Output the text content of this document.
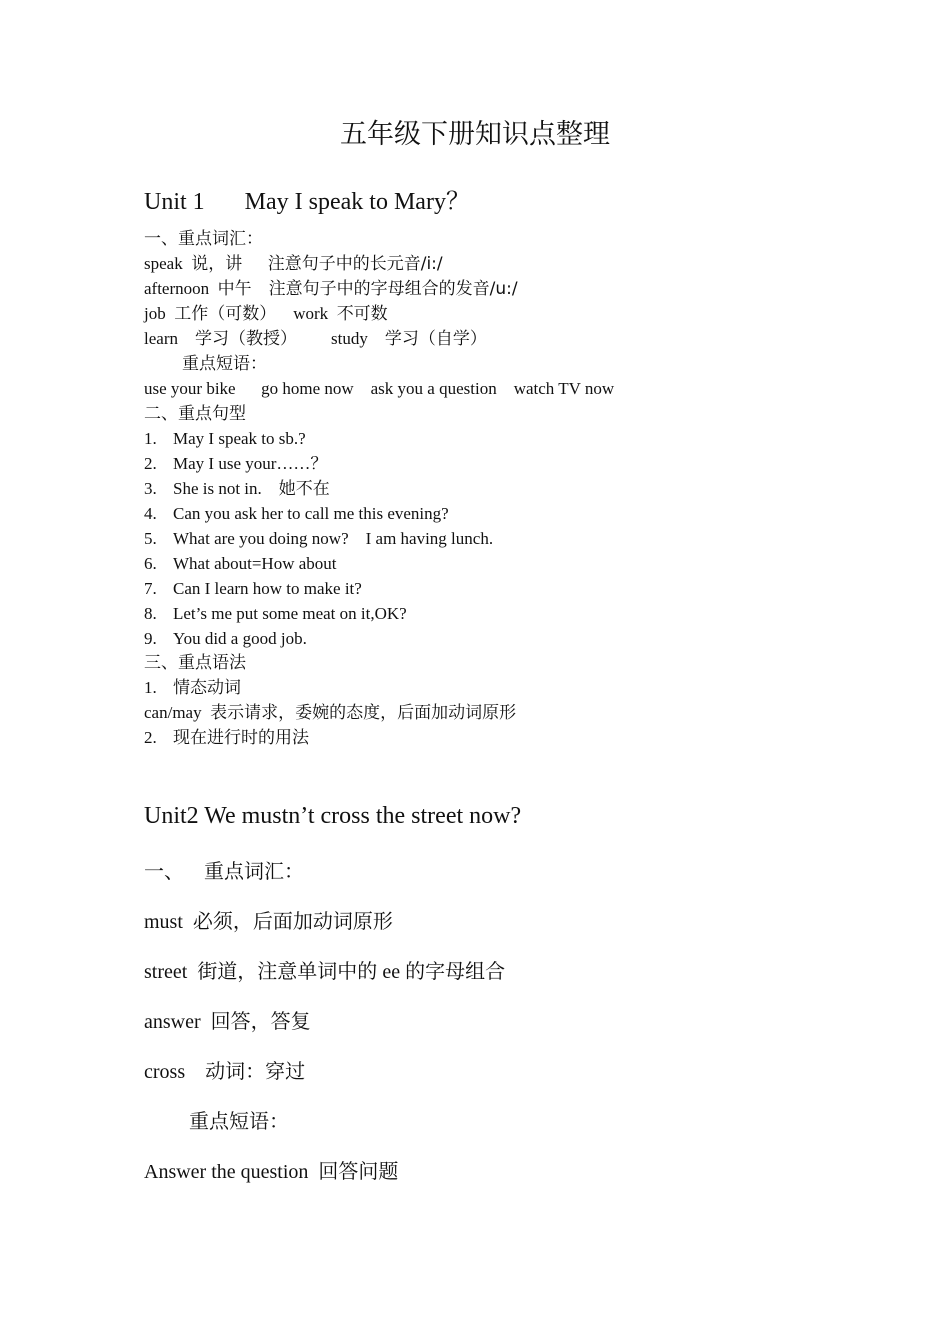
五年级下册知识点整理
Unit 1 May I speak to Mary？
一、重点词汇：
speak 说，讲 注意句子中的长元音/i:/
afternoon 中午 注意句子中的字母组合的发音/u:/
job 工作（可数） work 不可数
learn 学习（教授） study 学习（自学）
重点短语：
use your bike go home now ask you a question watch TV now
二、重点句型
1. May I speak to sb.?
2. May I use your……？
3. She is not in. 她不在
4. Can you ask her to call me this evening?
5. What are you doing now?    I am having lunch.
6. What about=How about
7. Can I learn how to make it?
8. Let’s me put some meat on it,OK?
9. You did a good job.
三、重点语法
1. 情态动词
can/may 表示请求，委婉的态度，后面加动词原形
2. 现在进行时的用法
Unit2 We mustn’t cross the street now?
一、 重点词汇：
must 必须，后面加动词原形
street 街道，注意单词中的 ee 的字母组合
answer 回答，答复
cross 动词：穿过
重点短语：
Answer the question 回答问题
